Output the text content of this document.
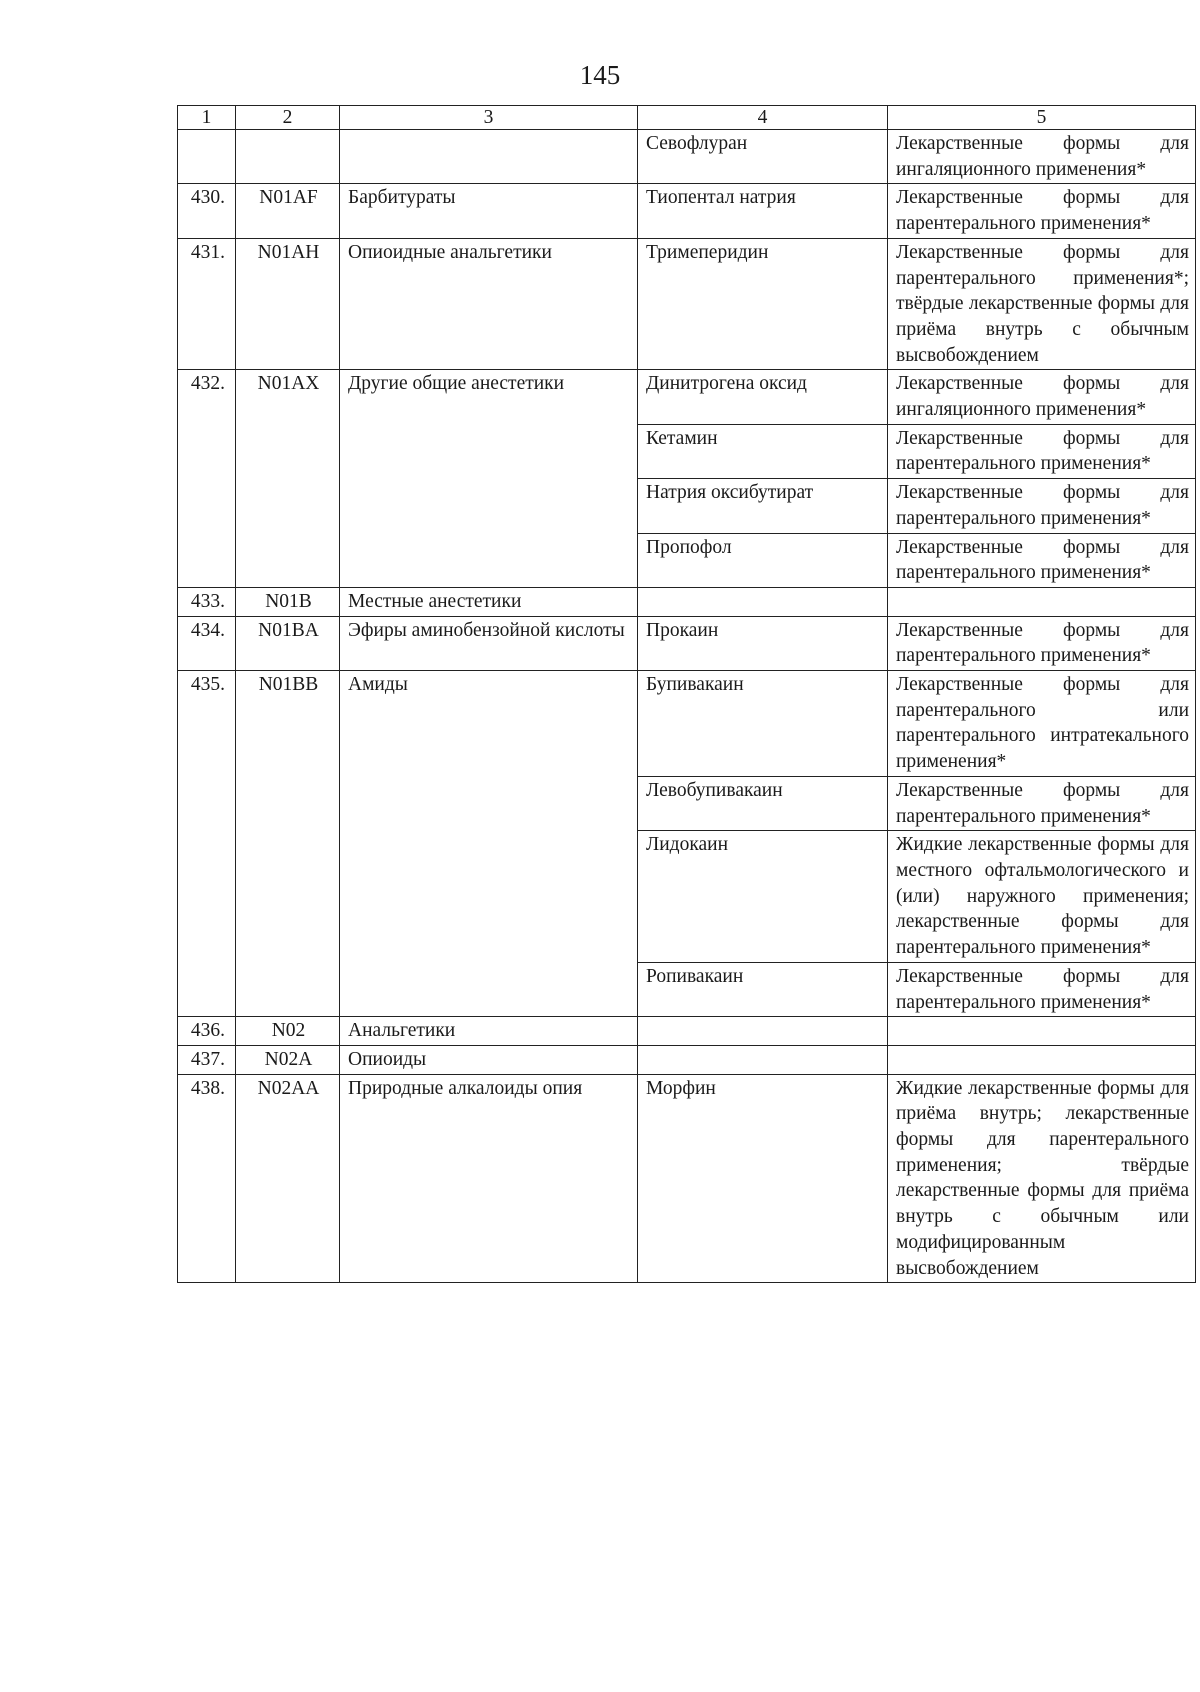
145
1	2	3	4	5
			Севофлуран	Лекарственные формы для ингаляционного применения*
430.	N01AF	Барбитураты	Тиопентал натрия	Лекарственные формы для парентерального применения*
431.	N01AH	Опиоидные анальгетики	Тримеперидин	Лекарственные формы для парентерального применения*; твёрдые лекарственные формы для приёма внутрь с обычным высвобождением
432.	N01AX	Другие общие анестетики	Динитрогена оксид	Лекарственные формы для ингаляционного применения*
			Кетамин	Лекарственные формы для парентерального применения*
			Натрия оксибутират	Лекарственные формы для парентерального применения*
			Пропофол	Лекарственные формы для парентерального применения*
433.	N01B	Местные анестетики		
434.	N01BA	Эфиры аминобензойной кислоты	Прокаин	Лекарственные формы для парентерального применения*
435.	N01BB	Амиды	Бупивакаин	Лекарственные формы для парентерального или парентерального интратекального применения*
			Левобупивакаин	Лекарственные формы для парентерального применения*
			Лидокаин	Жидкие лекарственные формы для местного офтальмологического и (или) наружного применения; лекарственные формы для парентерального применения*
			Ропивакаин	Лекарственные формы для парентерального применения*
436.	N02	Анальгетики		
437.	N02A	Опиоиды		
438.	N02AA	Природные алкалоиды опия	Морфин	Жидкие лекарственные формы для приёма внутрь; лекарственные формы для парентерального применения; твёрдые лекарственные формы для приёма внутрь с обычным или модифицированным высвобождением
